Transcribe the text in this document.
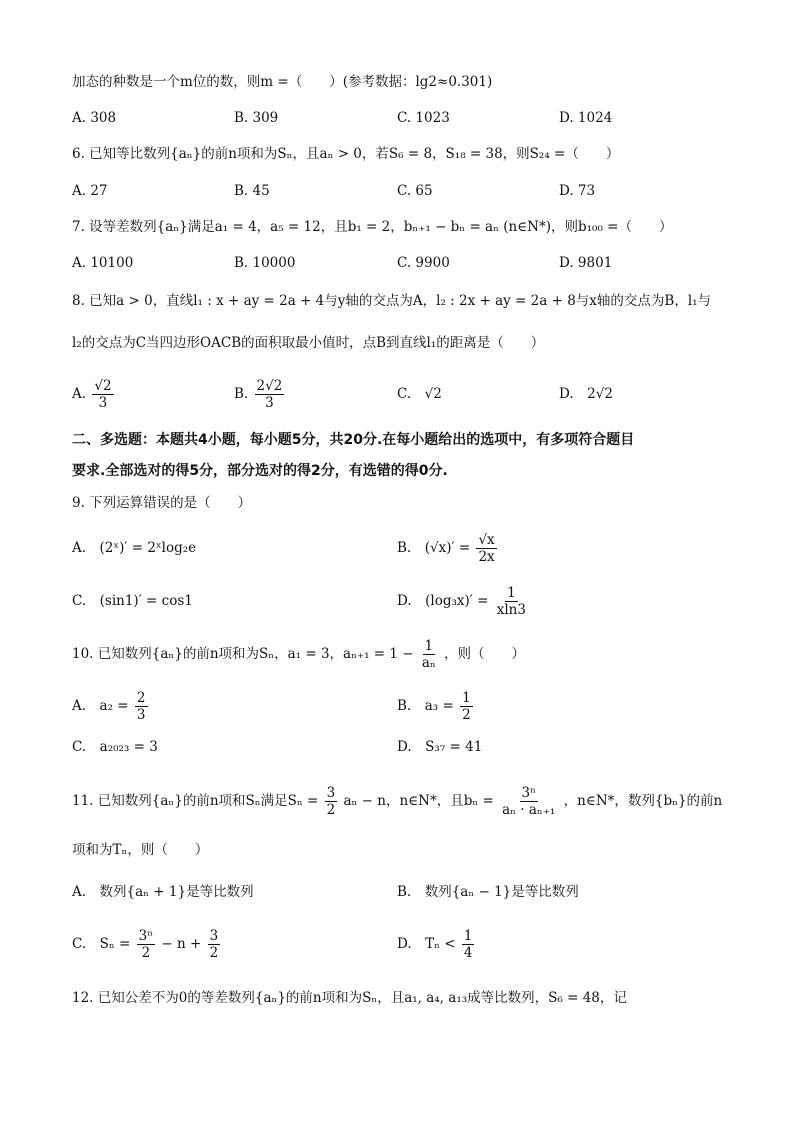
加态的种数是一个m位的数，则m =（　　）(参考数据：lg2≈0.301)
A. 308	B. 309	C. 1023	D. 1024
6. 已知等比数列{aₙ}的前n项和为Sₙ，且aₙ > 0，若S₆ = 8，S₁₈ = 38，则S₂₄ =（　　）
A. 27	B. 45	C. 65	D. 73
7. 设等差数列{aₙ}满足a₁ = 4，a₅ = 12，且b₁ = 2，bₙ₊₁ − bₙ = aₙ (n∈N*)，则b₁₀₀ =（　　）
A. 10100	B. 10000	C. 9900	D. 9801
8. 已知a > 0，直线l₁ : x + ay = 2a + 4与y轴的交点为A，l₂ : 2x + ay = 2a + 8与x轴的交点为B，l₁与
l₂的交点为C当四边形OACB的面积取最小值时，点B到直线l₁的距离是（　　）
A. $\frac{√2}{3}$	B. $\frac{2√2}{3}$	C.　√2	D.　2√2
二、多选题：本题共4小题，每小题5分，共20分.在每小题给出的选项中，有多项符合题目
要求.全部选对的得5分，部分选对的得2分，有选错的得0分.
9. 下列运算错误的是（　　）
A.　(2ˣ)′ = 2ˣlog₂e	B.　$(√x)' = \frac{√x}{2x}$
C.　(sin1)′ = cos1	D.　$(\log_3x)' = \frac{1}{xln3}$
10. 已知数列{aₙ}的前n项和为Sₙ，a₁ = 3，$a_{n+1} = 1 - \frac{1}{\text{aₙ}}$ ，则（　　）
A.　$a_2 = \frac{2}{3}$	B.　$a_3 = \frac{1}{2}$
C.　a₂₀₂₃ = 3	D.　S₃₇ = 41
11. 已知数列{aₙ}的前n项和Sₙ满足$S_n = \frac{3}{2}$ aₙ − n，n∈N*，且$b_n = \frac{\text{3ⁿ}}{\text{aₙ · aₙ₊₁}}$ ，n∈N*，数列{bₙ}的前n
项和为Tₙ，则（　　）
A.　数列{aₙ + 1}是等比数列	B.　数列{aₙ − 1}是等比数列
C.　$S_n = \frac{\text{3ⁿ}}{2} - n + \frac{3}{2}$	D.　$T_n < \frac{1}{4}$
12. 已知公差不为0的等差数列{aₙ}的前n项和为Sₙ，且a₁, a₄, a₁₃成等比数列，S₆ = 48，记
